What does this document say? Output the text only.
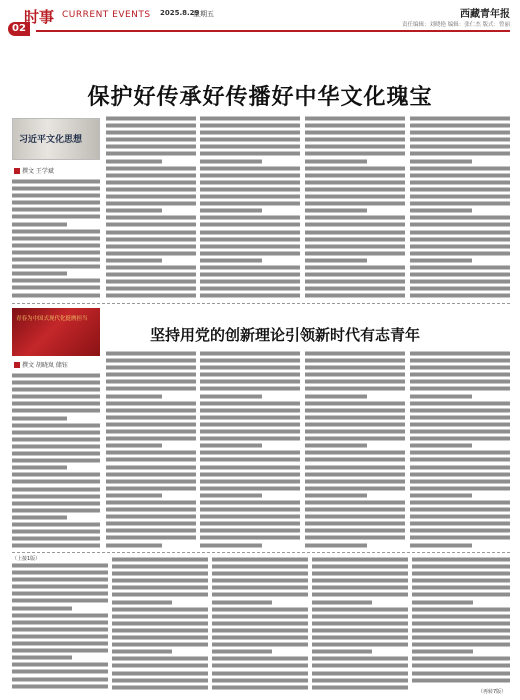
02
时事 CURRENT EVENTS 2025.8.29
星期五	西藏青年报
责任编辑：刘晓艳 编辑：张仁杰 版式：曾丽
保护好传承好传播好中华文化瑰宝
习近平文化思想
撰文 王学斌
青春为中国式现代化挺膺担当
坚持用党的创新理论引领新时代有志青年
撰文 胡晓岚 储钰
（上接1版）
（再转7版）
